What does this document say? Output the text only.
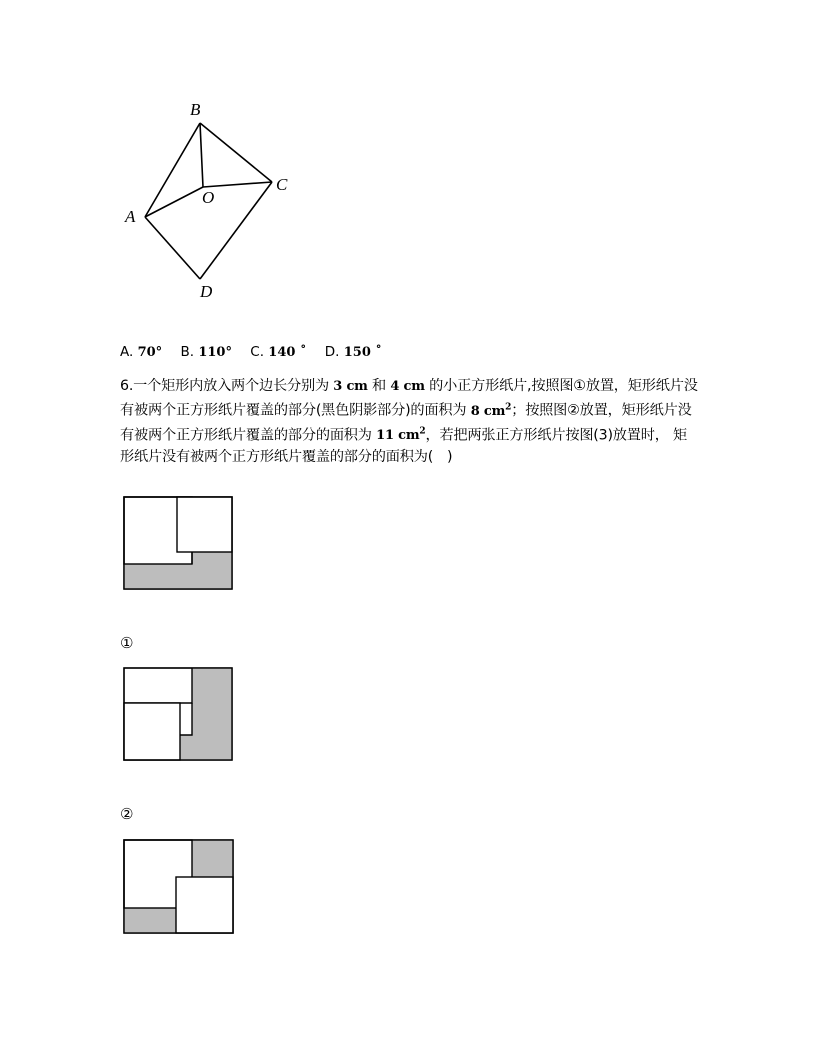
B
O
C
A
D
A. 70° B. 110° C. 140 ˚ D. 150 ˚
6.一个矩形内放入两个边长分别为 3 cm 和 4 cm 的小正方形纸片,按照图①放置，矩形纸片没有被两个正方形纸片覆盖的部分(黑色阴影部分)的面积为 8 $cm^2$；按照图②放置，矩形纸片没有被两个正方形纸片覆盖的部分的面积为 11 $cm^2$，若把两张正方形纸片按图(3)放置时， 矩形纸片没有被两个正方形纸片覆盖的部分的面积为(　)
①
②
